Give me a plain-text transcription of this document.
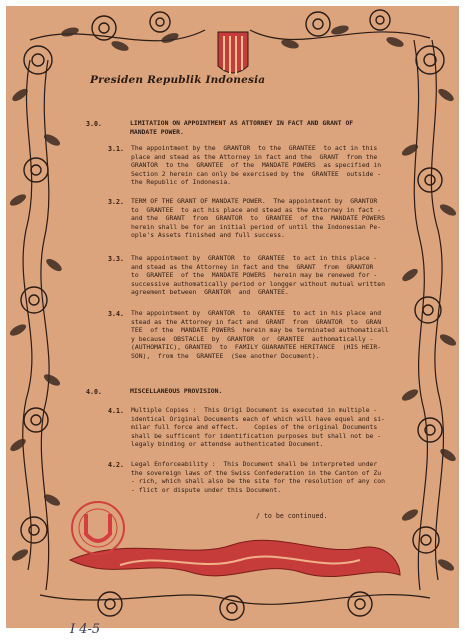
Presiden Republik Indonesia
3.0.	LIMITATION ON APPOINTMENT AS ATTORNEY IN FACT AND GRANT OF
MANDATE POWER.
3.1. The appointment by the  GRANTOR  to the  GRANTEE  to act in this
place and stead as the Attorney in fact and the  GRANT  from the
GRANTOR  to the  GRANTEE  of the  MANDATE POWERS  as specified in
Section 2 herein can only be exercised by the  GRANTEE  outside -
the Republic of Indonesia.
3.2. TERM OF THE GRANT OF MANDATE POWER.  The appointment by  GRANTOR
to  GRANTEE  to act his place and stead as the Attorney in fact -
and the  GRANT  from  GRANTOR  to  GRANTEE  of the  MANDATE POWERS
herein shall be for an initial period of until the Indonesian Pe-
ople's Assets finished and full success.
3.3. The appointment by  GRANTOR  to  GRANTEE  to act in this place -
and stead as the Attorney in fact and the  GRANT  from  GRANTOR
to  GRANTEE  of the  MANDATE POWERS  herein may be renewed for -
successive authomatically period or longger without mutual written
agreement between  GRANTOR  and  GRANTEE.
3.4. The appointment by  GRANTOR  to  GRANTEE  to act in his place and
stead as the Attorney in fact and  GRANT  from  GRANTOR  to  GRAN
TEE  of the  MANDATE POWERS  herein may be terminated authomaticall
y because  OBSTACLE  by  GRANTOR  or  GRANTEE  authomatically -
(AUTHOMATIC), GRANTED  to  FAMILY GUARANTEE HERITANCE  (HIS HEIR-
SON),  from the  GRANTEE  (See another Document).
4.0.	MISCELLANEOUS PROVISION.
4.1. Multiple Copies :  This Origi Document is executed in multiple -
identical Original Documents each of which will have equel and si-
milar full force and effect.    Copies of the original Documents
shall be sufficent for identification purposes but shall not be -
legaly binding or attendse authenticated Document.
4.2. Legal Enforceability :  This Document shall be interpreted under
the sovereign laws of the Swiss Confederation in the Canton of Zu
- rich, which shall also be the site for the resolution of any con
- flict or dispute under this Document.
/ to be continued.
I 4-5
